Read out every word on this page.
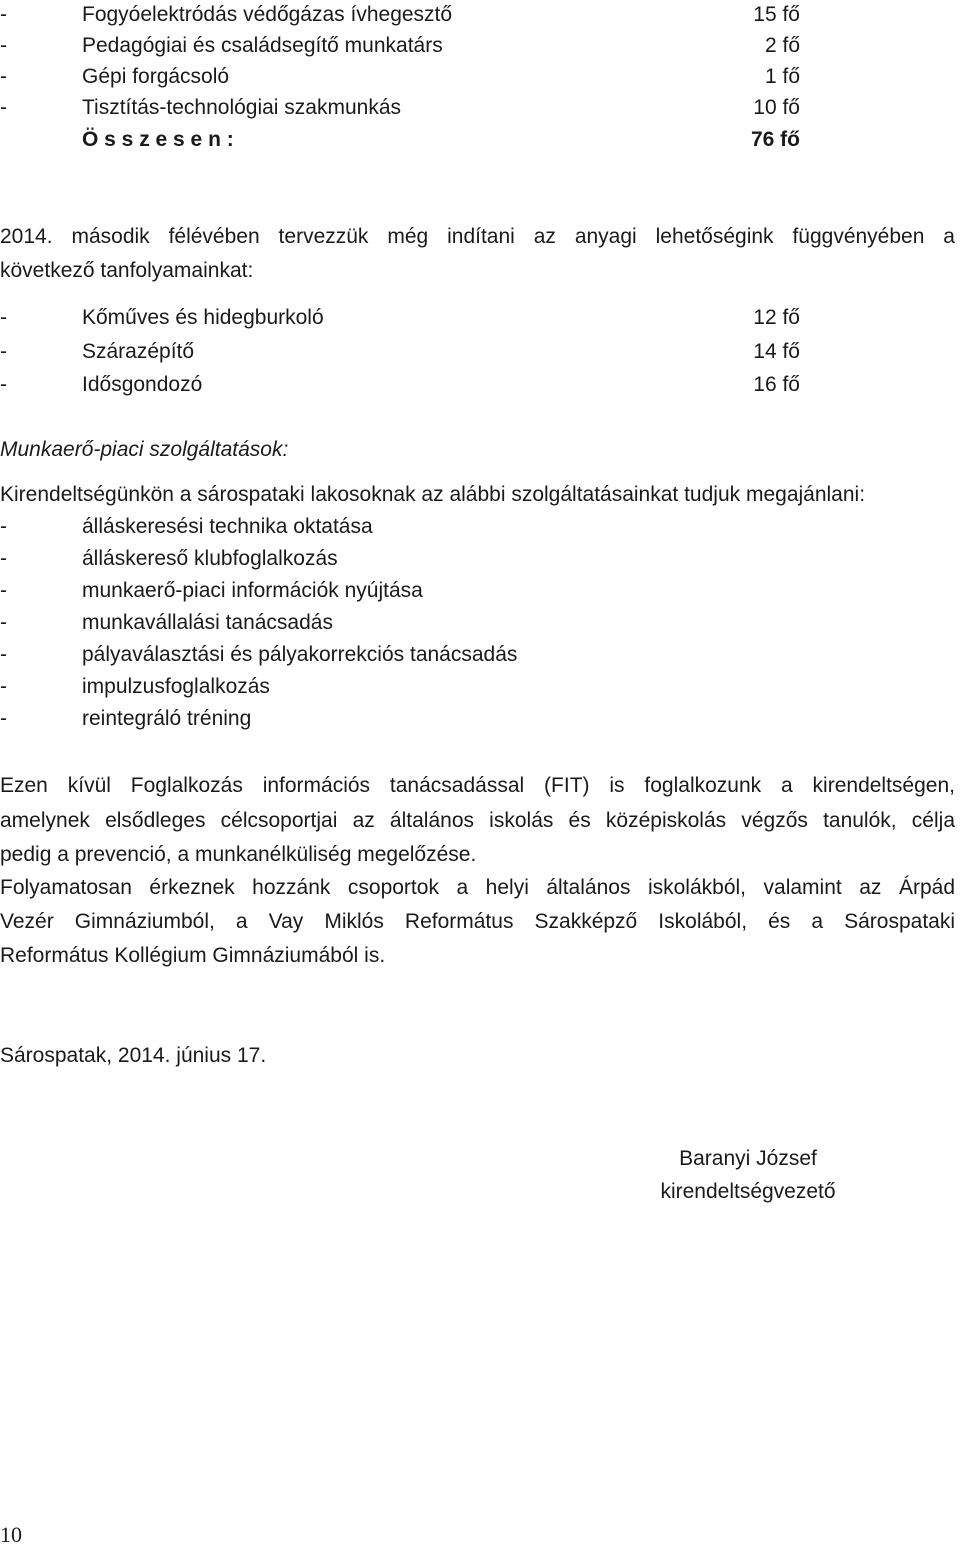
-	Fogyóelektródás védőgázas ívhegesztő	15 fő
-	Pedagógiai és családsegítő munkatárs	2 fő
-	Gépi forgácsoló	1 fő
-	Tisztítás-technológiai szakmunkás	10 fő
Ö s s z e s e n :	76 fő
2014. második félévében tervezzük még indítani az anyagi lehetőségink függvényében a
következő tanfolyamainkat:
-	Kőműves és hidegburkoló	12 fő
-	Szárazépítő	14 fő
-	Idősgondozó	16 fő
Munkaerő-piaci szolgáltatások:
Kirendeltségünkön a sárospataki lakosoknak az alábbi szolgáltatásainkat tudjuk megajánlani:
-	álláskeresési technika oktatása
-	álláskereső klubfoglalkozás
-	munkaerő-piaci információk nyújtása
-	munkavállalási tanácsadás
-	pályaválasztási és pályakorrekciós tanácsadás
-	impulzusfoglalkozás
-	reintegráló tréning
Ezen kívül Foglalkozás információs tanácsadással (FIT) is foglalkozunk a kirendeltségen,
amelynek elsődleges célcsoportjai az általános iskolás és középiskolás végzős tanulók, célja
pedig a prevenció, a munkanélküliség megelőzése.
Folyamatosan érkeznek hozzánk csoportok a helyi általános iskolákból, valamint az Árpád
Vezér Gimnáziumból, a Vay Miklós Református Szakképző Iskolából, és a Sárospataki
Református Kollégium Gimnáziumából is.
Sárospatak, 2014. június 17.
Baranyi József
kirendeltségvezető
10
